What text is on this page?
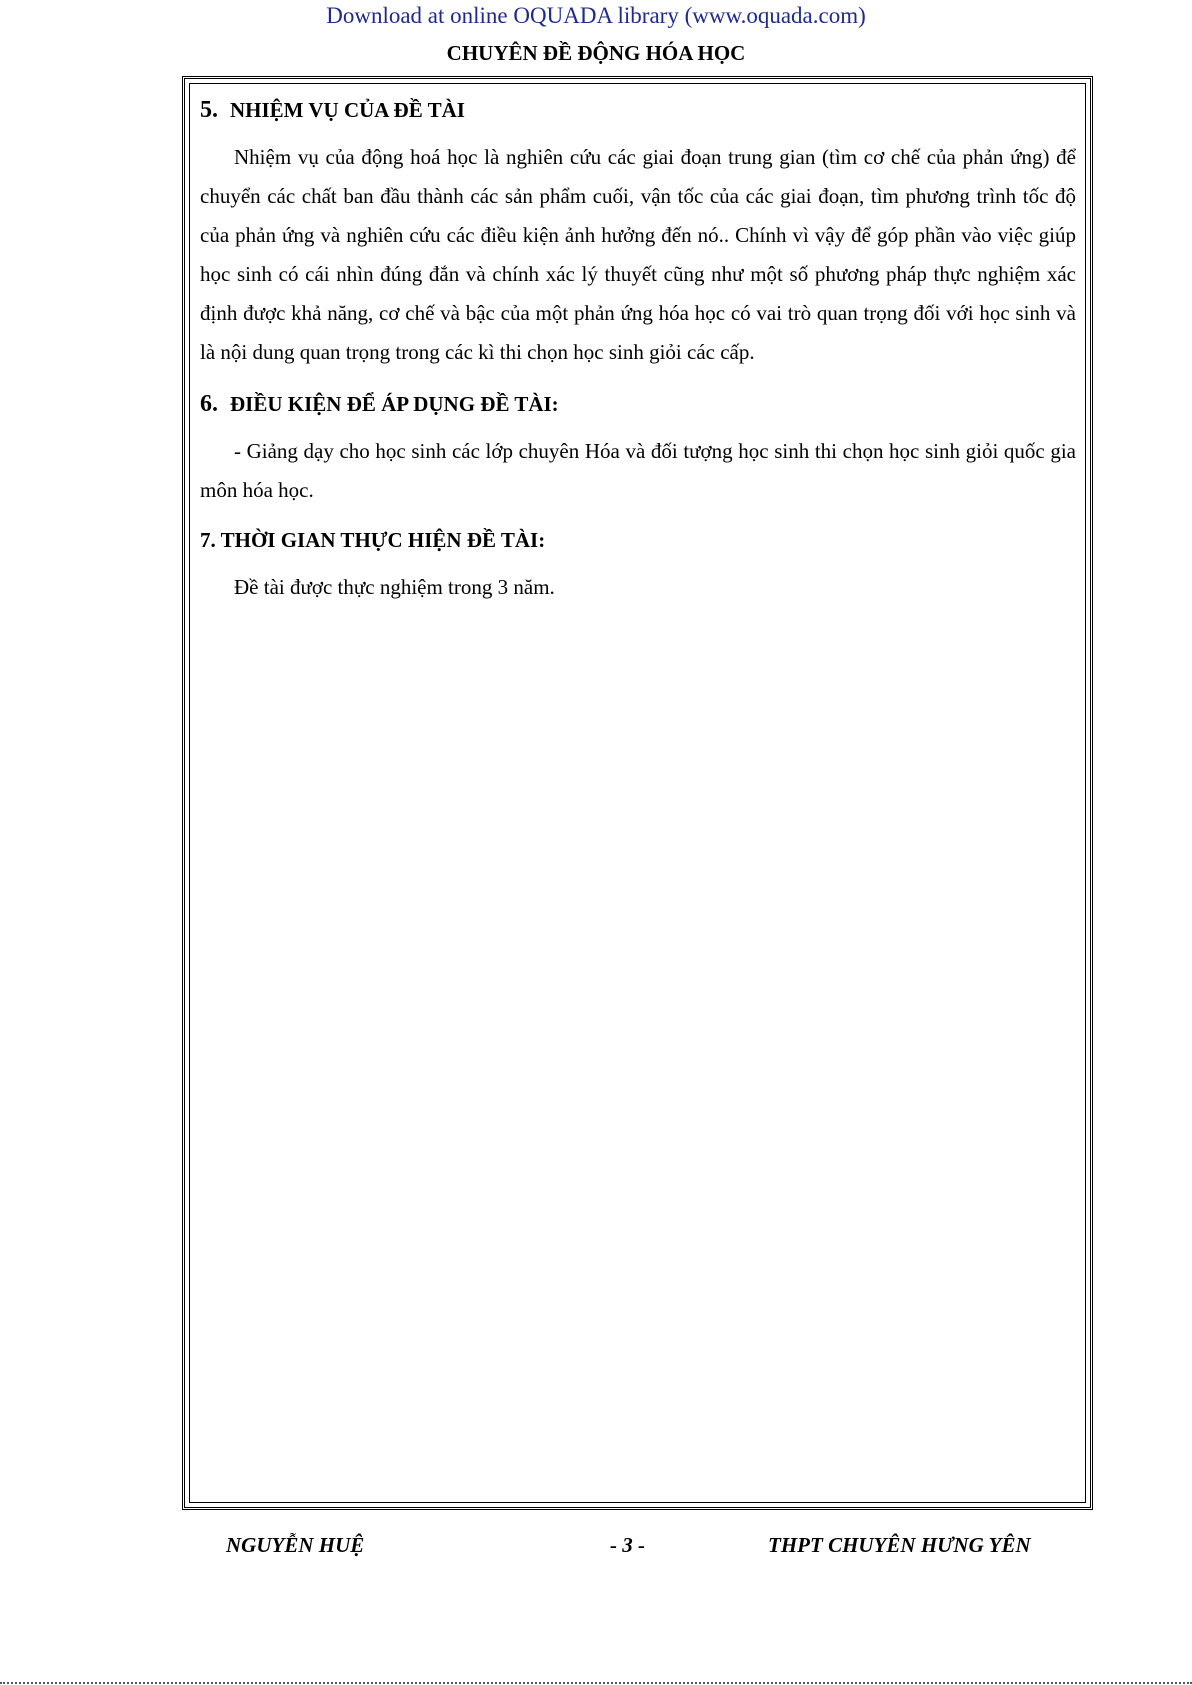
Download at online OQUADA library (www.oquada.com)
CHUYÊN ĐỀ ĐỘNG HÓA HỌC
5. NHIỆM VỤ CỦA ĐỀ TÀI

Nhiệm vụ của động hoá học là nghiên cứu các giai đoạn trung gian (tìm cơ chế của phản ứng) để chuyển các chất ban đầu thành các sản phẩm cuối, vận tốc của các giai đoạn, tìm phương trình tốc độ của phản ứng và nghiên cứu các điều kiện ảnh hưởng đến nó.. Chính vì vậy để góp phần vào việc giúp học sinh có cái nhìn đúng đắn và chính xác lý thuyết cũng như một số phương pháp thực nghiệm xác định được khả năng, cơ chế và bậc của một phản ứng hóa học có vai trò quan trọng đối với học sinh và là nội dung quan trọng trong các kì thi chọn học sinh giỏi các cấp.

6. ĐIỀU KIỆN ĐỂ ÁP DỤNG ĐỀ TÀI:

- Giảng dạy cho học sinh các lớp chuyên Hóa và đối tượng học sinh thi chọn học sinh giỏi quốc gia môn hóa học.

7. THỜI GIAN THỰC HIỆN ĐỀ TÀI:

Đề tài được thực nghiệm trong 3 năm.

NGUYỄN HUỆ	- 3 -	THPT CHUYÊN HƯNG YÊN
